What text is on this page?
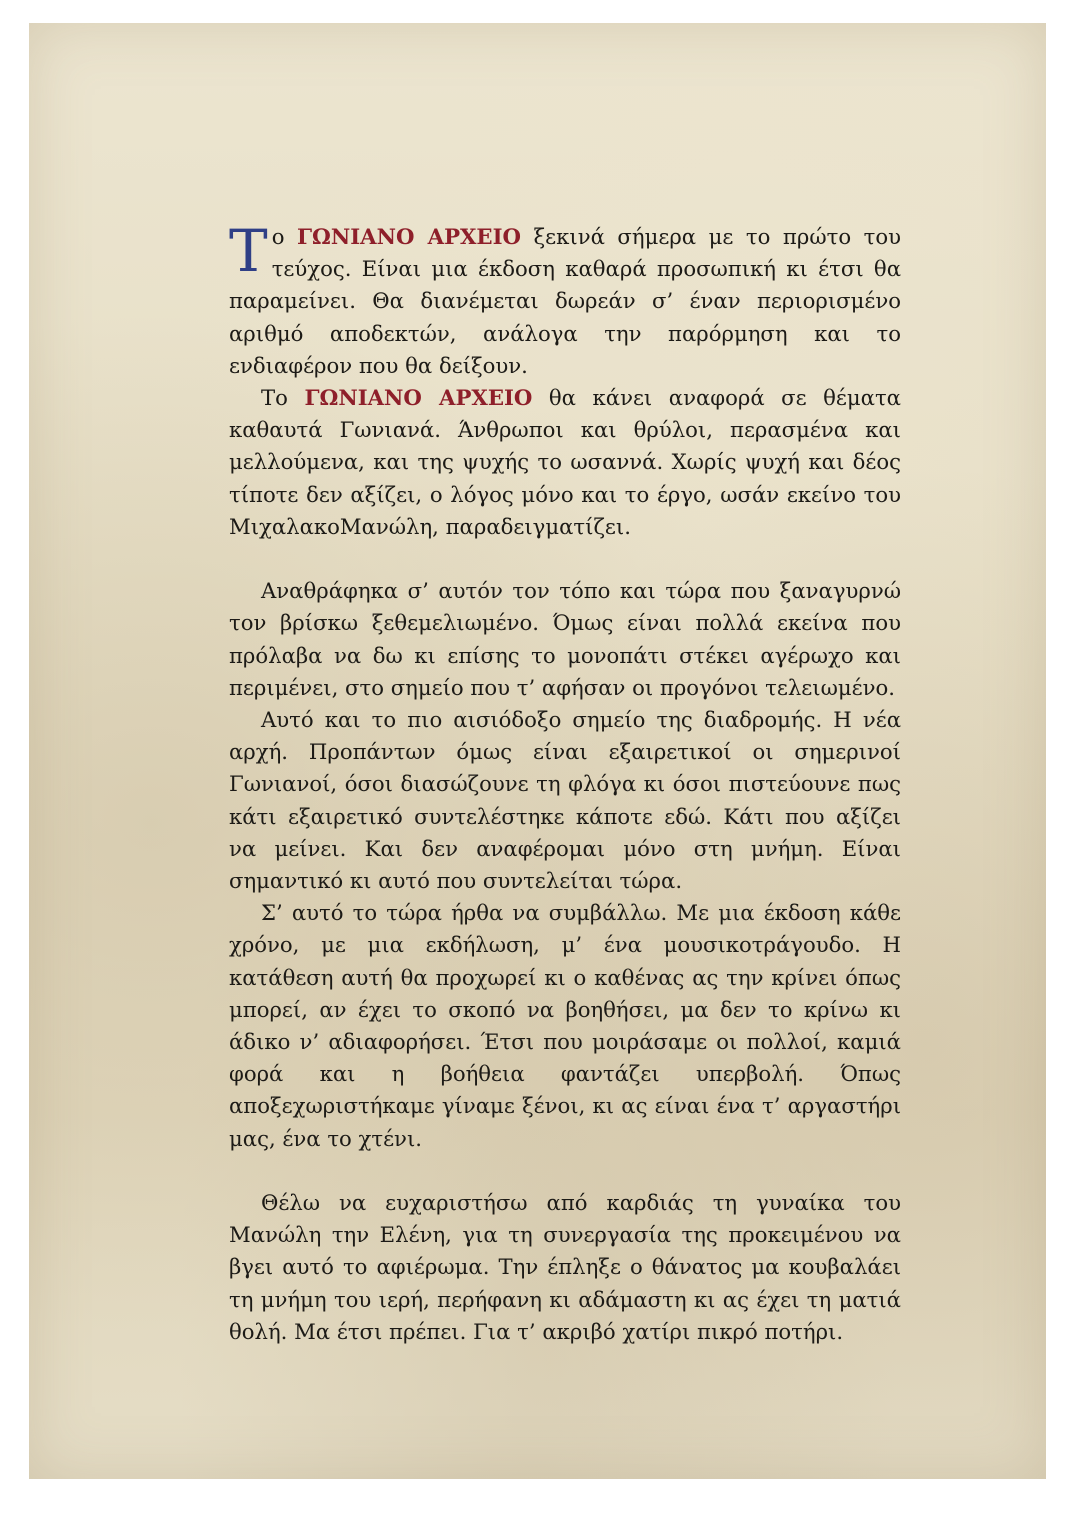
Το ΓΩΝΙΑΝΟ ΑΡΧΕΙΟ ξεκινά σήμερα με το πρώτο του τεύχος. Είναι μια έκδοση καθαρά προσωπική κι έτσι θα παραμείνει. Θα διανέμεται δωρεάν σ’ έναν περιορισμένο αριθμό αποδεκτών, ανάλογα την παρόρμηση και το ενδιαφέρον που θα δείξουν.

Το ΓΩΝΙΑΝΟ ΑΡΧΕΙΟ θα κάνει αναφορά σε θέματα καθαυτά Γωνιανά. Άνθρωποι και θρύλοι, περασμένα και μελλούμενα, και της ψυχής το ωσαννά. Χωρίς ψυχή και δέος τίποτε δεν αξίζει, ο λόγος μόνο και το έργο, ωσάν εκείνο του ΜιχαλακοΜανώλη, παραδειγματίζει.

Αναθράφηκα σ’ αυτόν τον τόπο και τώρα που ξαναγυρνώ τον βρίσκω ξεθεμελιωμένο. Όμως είναι πολλά εκείνα που πρόλαβα να δω κι επίσης το μονοπάτι στέκει αγέρωχο και περιμένει, στο σημείο που τ’ αφήσαν οι προγόνοι τελειωμένο.

Αυτό και το πιο αισιόδοξο σημείο της διαδρομής. Η νέα αρχή. Προπάντων όμως είναι εξαιρετικοί οι σημερινοί Γωνιανοί, όσοι διασώζουνε τη φλόγα κι όσοι πιστεύουνε πως κάτι εξαιρετικό συντελέστηκε κάποτε εδώ. Κάτι που αξίζει να μείνει. Και δεν αναφέρομαι μόνο στη μνήμη. Είναι σημαντικό κι αυτό που συντελείται τώρα.

Σ’ αυτό το τώρα ήρθα να συμβάλλω. Με μια έκδοση κάθε χρόνο, με μια εκδήλωση, μ’ ένα μουσικοτράγουδο. Η κατάθεση αυτή θα προχωρεί κι ο καθένας ας την κρίνει όπως μπορεί, αν έχει το σκοπό να βοηθήσει, μα δεν το κρίνω κι άδικο ν’ αδιαφορήσει. Έτσι που μοιράσαμε οι πολλοί, καμιά φορά και η βοήθεια φαντάζει υπερβολή. Όπως αποξεχωριστήκαμε γίναμε ξένοι, κι ας είναι ένα τ’ αργαστήρι μας, ένα το χτένι.

Θέλω να ευχαριστήσω από καρδιάς τη γυναίκα του Μανώλη την Ελένη, για τη συνεργασία της προκειμένου να βγει αυτό το αφιέρωμα. Την έπληξε ο θάνατος μα κουβαλάει τη μνήμη του ιερή, περήφανη κι αδάμαστη κι ας έχει τη ματιά θολή. Μα έτσι πρέπει. Για τ’ ακριβό χατίρι πικρό ποτήρι.
